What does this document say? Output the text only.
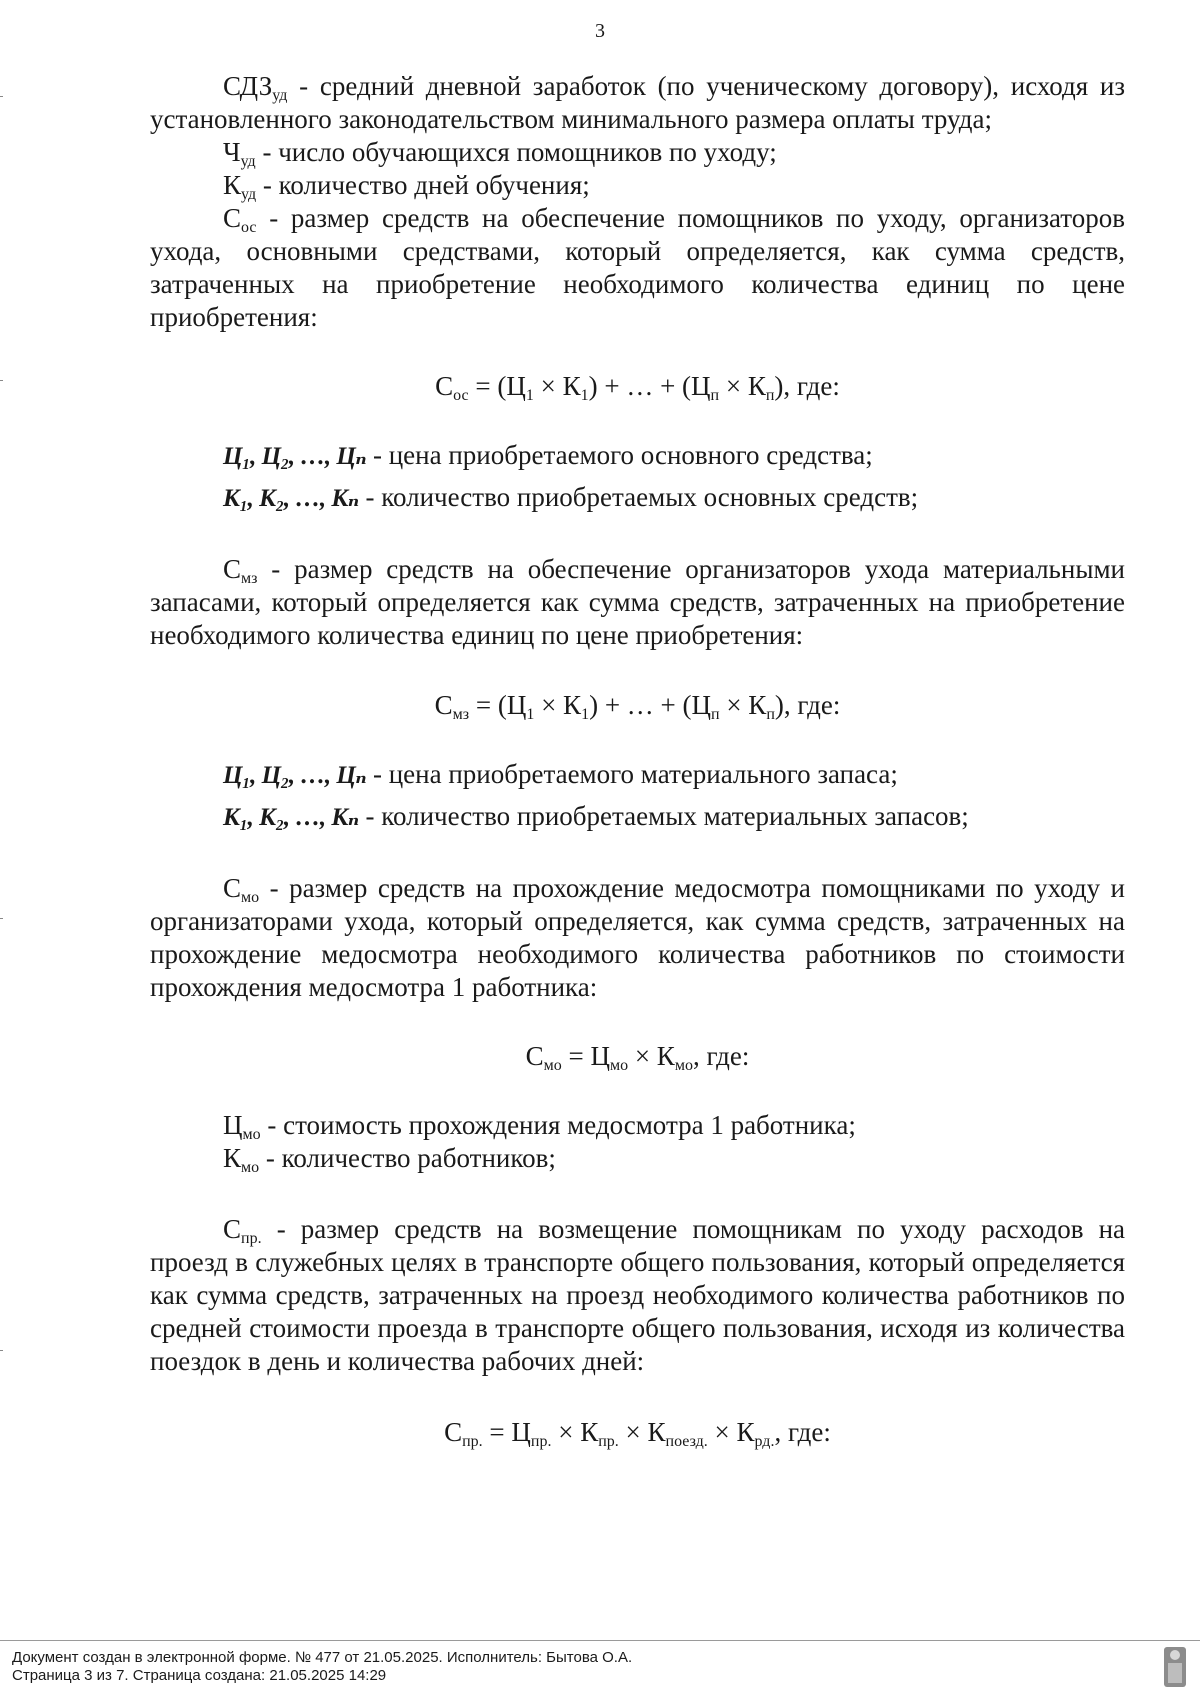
3

$СДЗ_{уд}$ - средний дневной заработок (по ученическому договору), исходя из установленного законодательством минимального размера оплаты труда;

$Ч_{уд}$ - число обучающихся помощников по уходу;

$К_{уд}$ - количество дней обучения;

$С_{ос}$ - размер средств на обеспечение помощников по уходу, организаторов ухода, основными средствами, который определяется, как сумма средств, затраченных на приобретение необходимого количества единиц по цене приобретения:

$С_{ос} = (Ц_1 \times К_1)$ + … + $(Ц_п \times К_п)$, где:

Ц₁, Ц₂, …, Цₙ - цена приобретаемого основного средства;

К₁, К₂, …, Кₙ - количество приобретаемых основных средств;

$С_{мз}$ - размер средств на обеспечение организаторов ухода материальными запасами, который определяется как сумма средств, затраченных на приобретение необходимого количества единиц по цене приобретения:

$С_{мз} = (Ц_1 \times К_1)$ + … + $(Ц_п \times К_п)$, где:

Ц₁, Ц₂, …, Цₙ - цена приобретаемого материального запаса;

К₁, К₂, …, Кₙ - количество приобретаемых материальных запасов;

$С_{мо}$ - размер средств на прохождение медосмотра помощниками по уходу и организаторами ухода, который определяется, как сумма средств, затраченных на прохождение медосмотра необходимого количества работников по стоимости прохождения медосмотра 1 работника:

$С_{мо} = Ц_{мо} \times К_{мо}$, где:

$Ц_{мо}$ - стоимость прохождения медосмотра 1 работника;

$К_{мо}$ - количество работников;

$С_{пр.}$ - размер средств на возмещение помощникам по уходу расходов на проезд в служебных целях в транспорте общего пользования, который определяется как сумма средств, затраченных на проезд необходимого количества работников по средней стоимости проезда в транспорте общего пользования, исходя из количества поездок в день и количества рабочих дней:

$С_{пр.} = Ц_{пр.} \times К_{пр.} \times К_{поезд.} \times К_{рд.}$, где:

Документ создан в электронной форме. № 477 от 21.05.2025. Исполнитель: Бытова О.А.
Страница 3 из 7. Страница создана: 21.05.2025 14:29
